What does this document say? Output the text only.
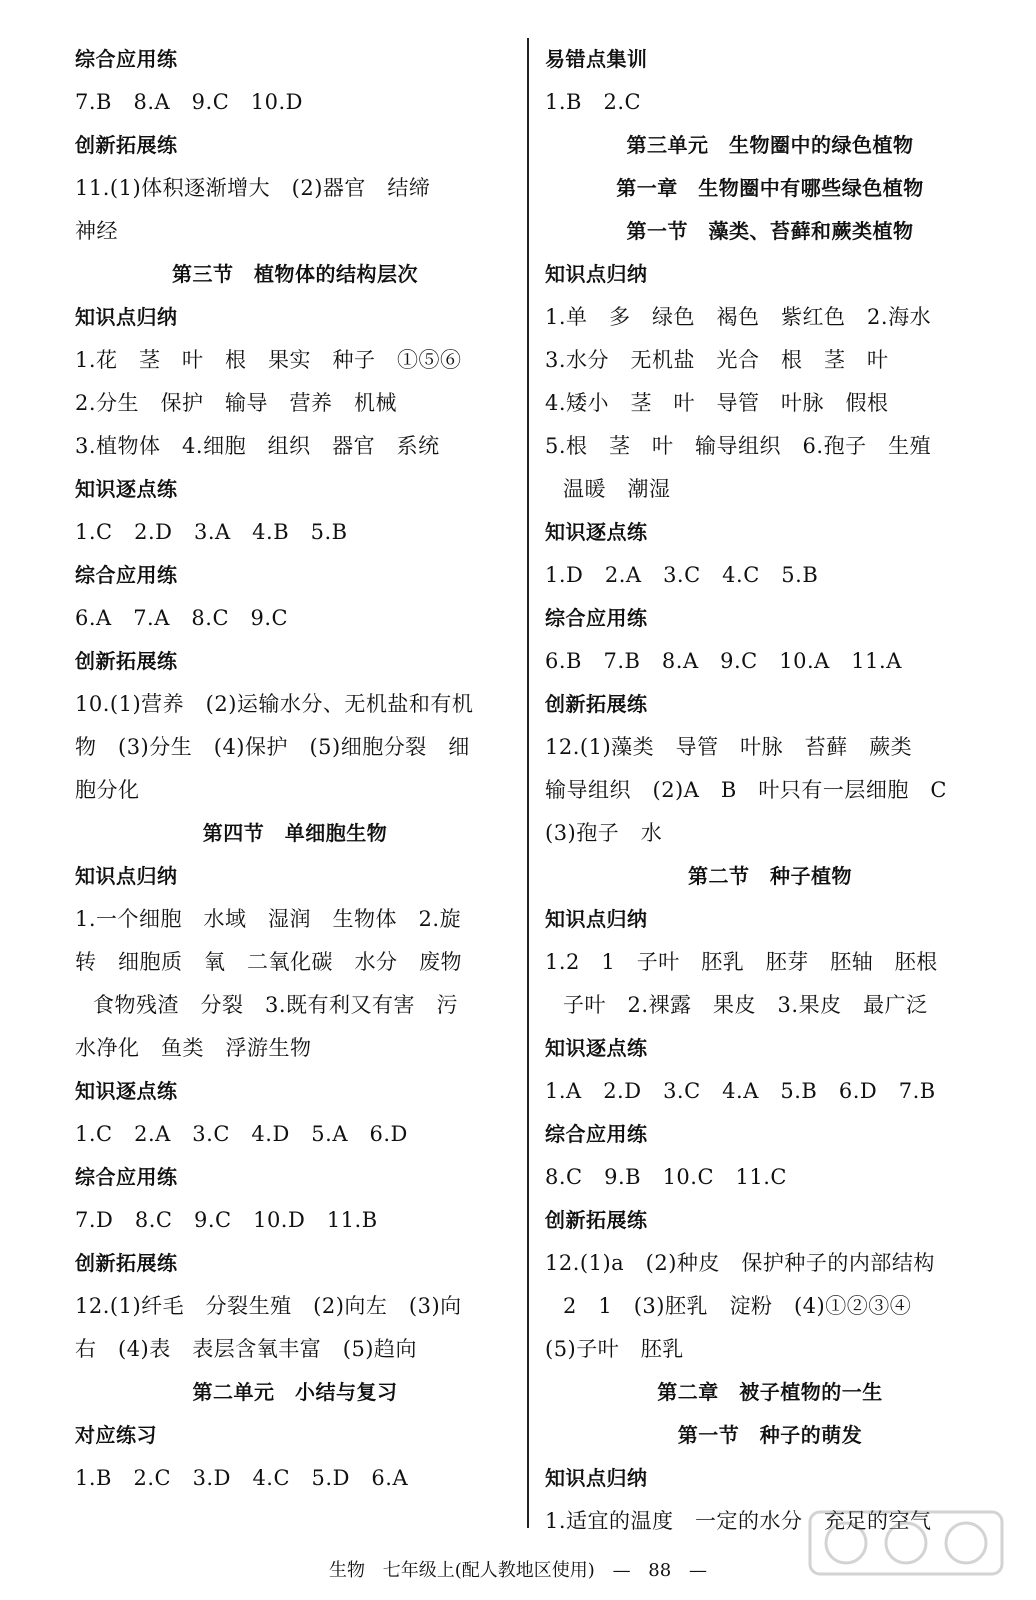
综合应用练
7.B　8.A　9.C　10.D
创新拓展练
11.(1)体积逐渐增大　(2)器官　结缔
神经
第三节　植物体的结构层次
知识点归纳
1.花　茎　叶　根　果实　种子　①⑤⑥
2.分生　保护　输导　营养　机械
3.植物体　4.细胞　组织　器官　系统
知识逐点练
1.C　2.D　3.A　4.B　5.B
综合应用练
6.A　7.A　8.C　9.C
创新拓展练
10.(1)营养　(2)运输水分、无机盐和有机
物　(3)分生　(4)保护　(5)细胞分裂　细
胞分化
第四节　单细胞生物
知识点归纳
1.一个细胞　水域　湿润　生物体　2.旋
转　细胞质　氧　二氧化碳　水分　废物
食物残渣　分裂　3.既有利又有害　污
水净化　鱼类　浮游生物
知识逐点练
1.C　2.A　3.C　4.D　5.A　6.D
综合应用练
7.D　8.C　9.C　10.D　11.B
创新拓展练
12.(1)纤毛　分裂生殖　(2)向左　(3)向
右　(4)表　表层含氧丰富　(5)趋向
第二单元　小结与复习
对应练习
1.B　2.C　3.D　4.C　5.D　6.A
易错点集训
1.B　2.C
第三单元　生物圈中的绿色植物
第一章　生物圈中有哪些绿色植物
第一节　藻类、苔藓和蕨类植物
知识点归纳
1.单　多　绿色　褐色　紫红色　2.海水
3.水分　无机盐　光合　根　茎　叶
4.矮小　茎　叶　导管　叶脉　假根
5.根　茎　叶　输导组织　6.孢子　生殖
温暖　潮湿
知识逐点练
1.D　2.A　3.C　4.C　5.B
综合应用练
6.B　7.B　8.A　9.C　10.A　11.A
创新拓展练
12.(1)藻类　导管　叶脉　苔藓　蕨类
输导组织　(2)A　B　叶只有一层细胞　C
(3)孢子　水
第二节　种子植物
知识点归纳
1.2　1　子叶　胚乳　胚芽　胚轴　胚根
子叶　2.裸露　果皮　3.果皮　最广泛
知识逐点练
1.A　2.D　3.C　4.A　5.B　6.D　7.B
综合应用练
8.C　9.B　10.C　11.C
创新拓展练
12.(1)a　(2)种皮　保护种子的内部结构
2　1　(3)胚乳　淀粉　(4)①②③④
(5)子叶　胚乳
第二章　被子植物的一生
第一节　种子的萌发
知识点归纳
1.适宜的温度　一定的水分　充足的空气
生物 七年级上(配人教地区使用) — 88 —
